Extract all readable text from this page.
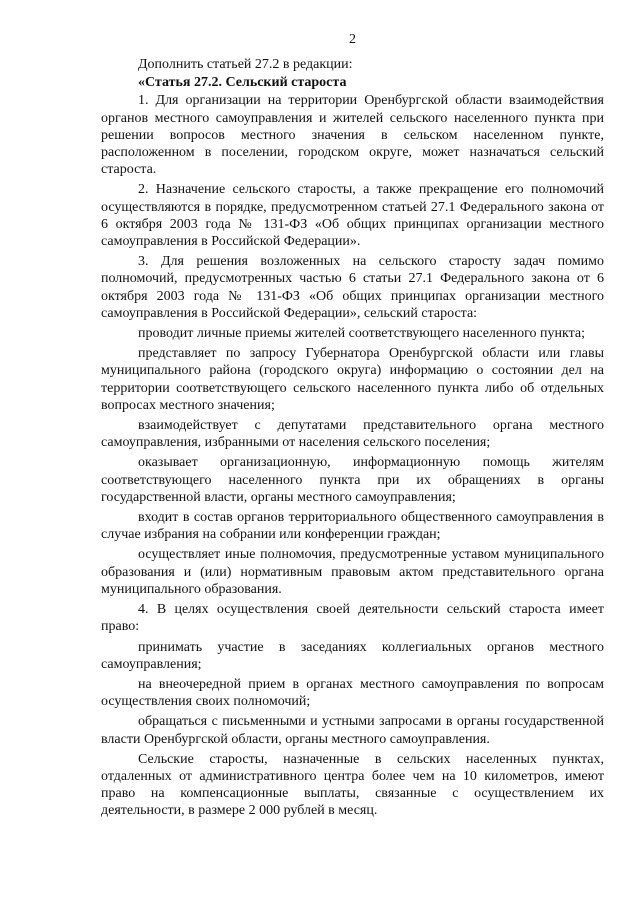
2

Дополнить статьей 27.2 в редакции:

«Статья 27.2. Сельский староста

1. Для организации на территории Оренбургской области взаимодействия органов местного самоуправления и жителей сельского населенного пункта при решении вопросов местного значения в сельском населенном пункте, расположенном в поселении, городском округе, может назначаться сельский староста.

2. Назначение сельского старосты, а также прекращение его полномочий осуществляются в порядке, предусмотренном статьей 27.1 Федерального закона от 6 октября 2003 года № 131-ФЗ «Об общих принципах организации местного самоуправления в Российской Федерации».

3. Для решения возложенных на сельского старосту задач помимо полномочий, предусмотренных частью 6 статьи 27.1 Федерального закона от 6 октября 2003 года № 131-ФЗ «Об общих принципах организации местного самоуправления в Российской Федерации», сельский староста:

проводит личные приемы жителей соответствующего населенного пункта;

представляет по запросу Губернатора Оренбургской области или главы муниципального района (городского округа) информацию о состоянии дел на территории соответствующего сельского населенного пункта либо об отдельных вопросах местного значения;

взаимодействует с депутатами представительного органа местного самоуправления, избранными от населения сельского поселения;

оказывает организационную, информационную помощь жителям соответствующего населенного пункта при их обращениях в органы государственной власти, органы местного самоуправления;

входит в состав органов территориального общественного самоуправления в случае избрания на собрании или конференции граждан;

осуществляет иные полномочия, предусмотренные уставом муниципального образования и (или) нормативным правовым актом представительного органа муниципального образования.

4. В целях осуществления своей деятельности сельский староста имеет право:

принимать участие в заседаниях коллегиальных органов местного самоуправления;

на внеочередной прием в органах местного самоуправления по вопросам осуществления своих полномочий;

обращаться с письменными и устными запросами в органы государственной власти Оренбургской области, органы местного самоуправления.

Сельские старосты, назначенные в сельских населенных пунктах, отдаленных от административного центра более чем на 10 километров, имеют право на компенсационные выплаты, связанные с осуществлением их деятельности, в размере 2 000 рублей в месяц.
